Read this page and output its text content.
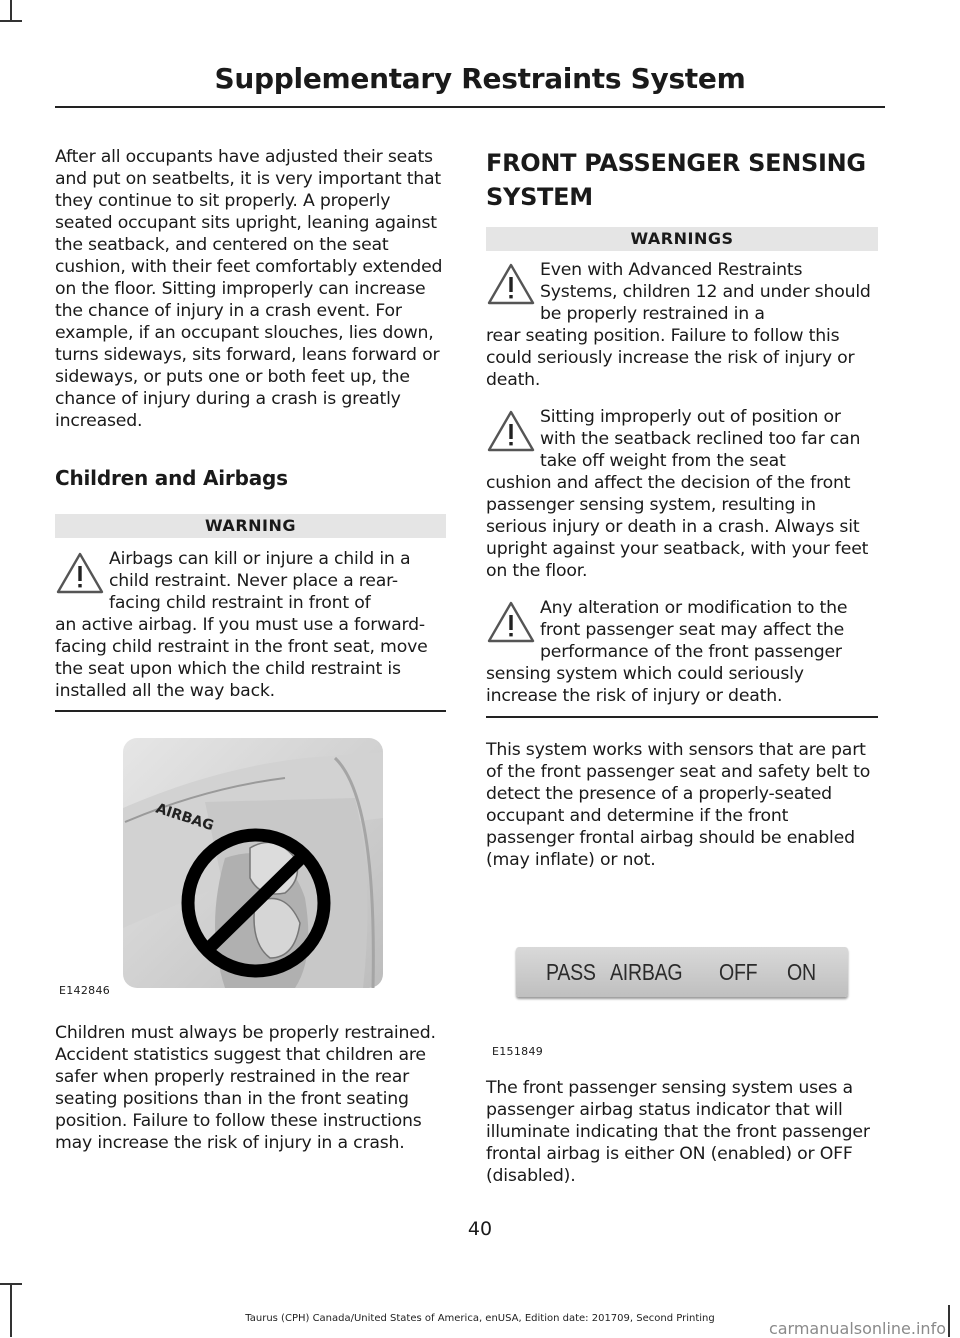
Supplementary Restraints System

After all occupants have adjusted their seats and put on seatbelts, it is very important that they continue to sit properly. A properly seated occupant sits upright, leaning against the seatback, and centered on the seat cushion, with their feet comfortably extended on the floor. Sitting improperly can increase the chance of injury in a crash event. For example, if an occupant slouches, lies down, turns sideways, sits forward, leans forward or sideways, or puts one or both feet up, the chance of injury during a crash is greatly increased.

Children and Airbags

WARNING

Airbags can kill or injure a child in a child restraint. Never place a rear-facing child restraint in front of
an active airbag. If you must use a forward-facing child restraint in the front seat, move the seat upon which the child restraint is installed all the way back.

AIRBAG
E142846

Children must always be properly restrained. Accident statistics suggest that children are safer when properly restrained in the rear seating positions than in the front seating position. Failure to follow these instructions may increase the risk of injury in a crash.

FRONT PASSENGER SENSING SYSTEM

WARNINGS

Even with Advanced Restraints Systems, children 12 and under should be properly restrained in a
rear seating position. Failure to follow this could seriously increase the risk of injury or death.

Sitting improperly out of position or with the seatback reclined too far can take off weight from the seat
cushion and affect the decision of the front passenger sensing system, resulting in serious injury or death in a crash. Always sit upright against your seatback, with your feet on the floor.

Any alteration or modification to the front passenger seat may affect the performance of the front passenger
sensing system which could seriously increase the risk of injury or death.

This system works with sensors that are part of the front passenger seat and safety belt to detect the presence of a properly-seated occupant and determine if the front passenger frontal airbag should be enabled (may inflate) or not.

PASS AIRBAG OFF ON
E151849

The front passenger sensing system uses a passenger airbag status indicator that will illuminate indicating that the front passenger frontal airbag is either ON (enabled) or OFF (disabled).

40
Taurus (CPH) Canada/United States of America, enUSA, Edition date: 201709, Second Printing
carmanualsonline.info
